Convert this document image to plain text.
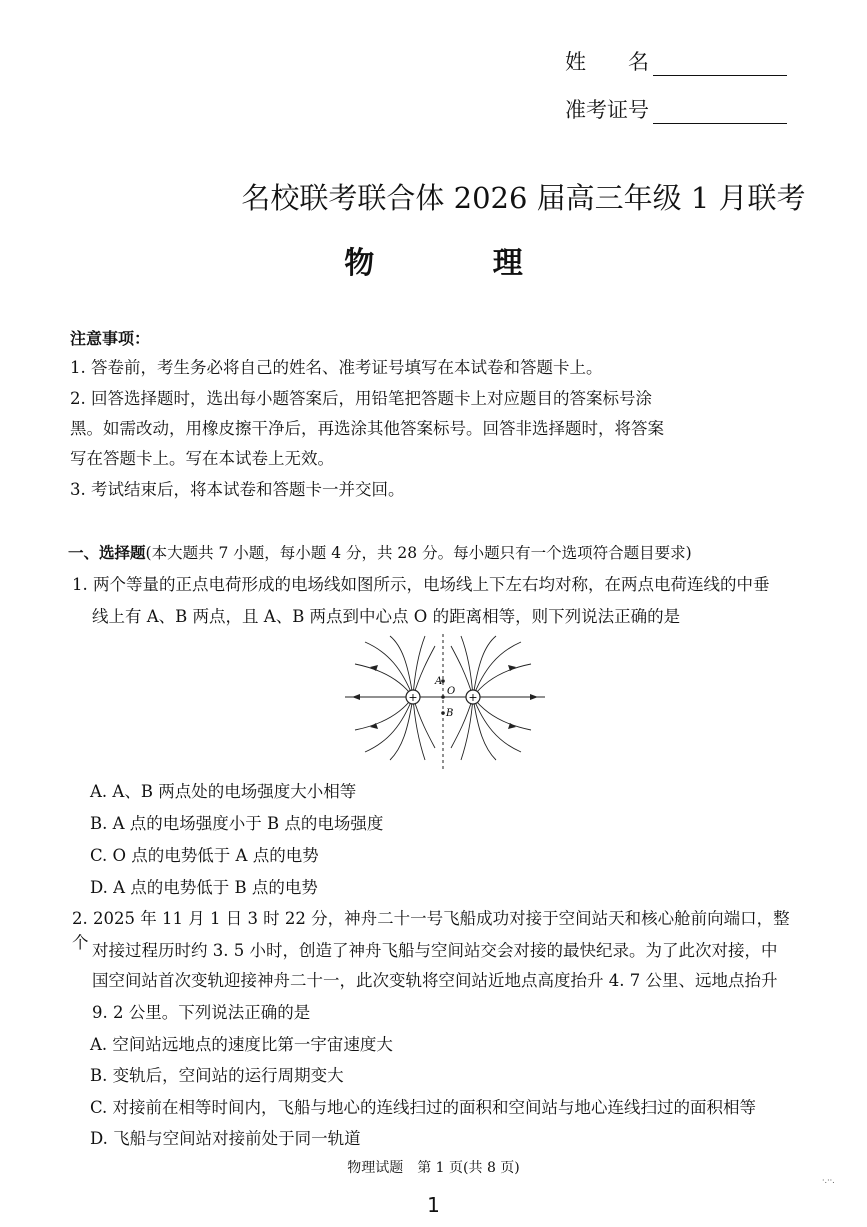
姓　　名
准考证号
名校联考联合体 2026 届高三年级 1 月联考
物 理
注意事项：
1. 答卷前，考生务必将自己的姓名、准考证号填写在本试卷和答题卡上。
2. 回答选择题时，选出每小题答案后，用铅笔把答题卡上对应题目的答案标号涂
黑。如需改动，用橡皮擦干净后，再选涂其他答案标号。回答非选择题时，将答案
写在答题卡上。写在本试卷上无效。
3. 考试结束后，将本试卷和答题卡一并交回。
一、选择题(本大题共 7 小题，每小题 4 分，共 28 分。每小题只有一个选项符合题目要求)
1. 两个等量的正点电荷形成的电场线如图所示，电场线上下左右均对称，在两点电荷连线的中垂
线上有 A、B 两点，且 A、B 两点到中心点 O 的距离相等，则下列说法正确的是
+	+
A
O
B
A. A、B 两点处的电场强度大小相等
B. A 点的电场强度小于 B 点的电场强度
C. O 点的电势低于 A 点的电势
D. A 点的电势低于 B 点的电势
2. 2025 年 11 月 1 日 3 时 22 分，神舟二十一号飞船成功对接于空间站天和核心舱前向端口，整个 对接过程历时约 3. 5 小时，创造了神舟飞船与空间站交会对接的最快纪录。为了此次对接，中
国空间站首次变轨迎接神舟二十一，此次变轨将空间站近地点高度抬升 4. 7 公里、远地点抬升
9. 2 公里。下列说法正确的是
A. 空间站远地点的速度比第一宇宙速度大
B. 变轨后，空间站的运行周期变大
C. 对接前在相等时间内，飞船与地心的连线扫过的面积和空间站与地心连线扫过的面积相等
D. 飞船与空间站对接前处于同一轨道
物理试题　第 1 页(共 8 页)
1
·.··.
